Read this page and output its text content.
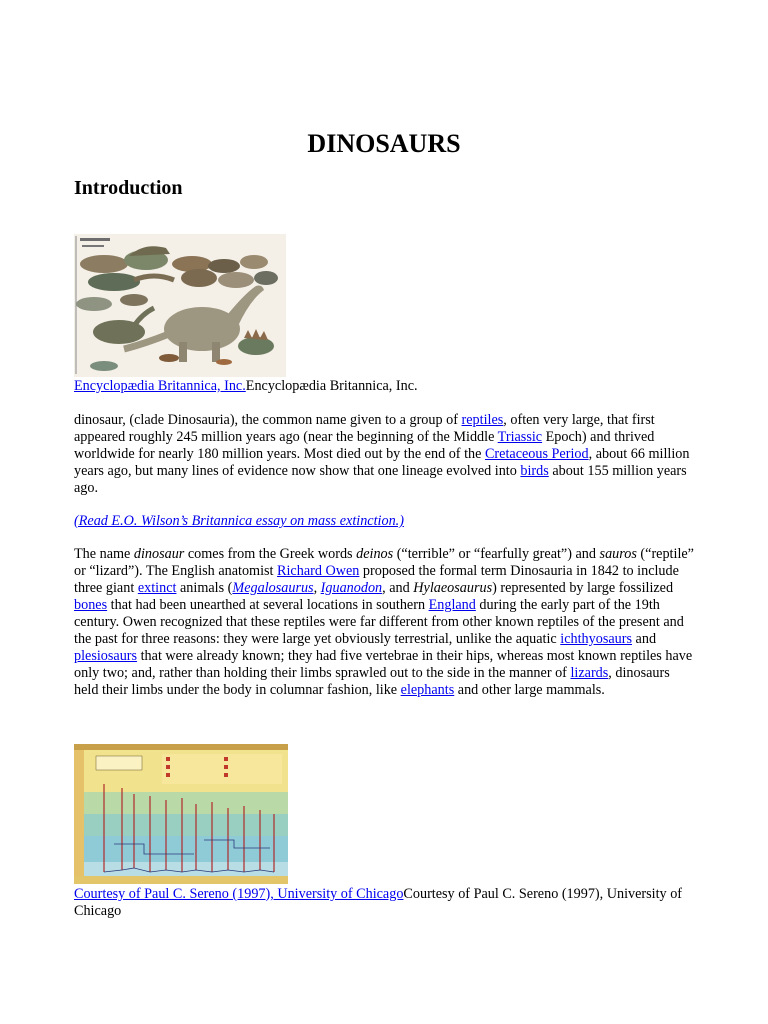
DINOSAURS
Introduction

Encyclopædia Britannica, Inc.Encyclopædia Britannica, Inc.

dinosaur, (clade Dinosauria), the common name given to a group of reptiles, often very large, that first appeared roughly 245 million years ago (near the beginning of the Middle Triassic Epoch) and thrived worldwide for nearly 180 million years. Most died out by the end of the Cretaceous Period, about 66 million years ago, but many lines of evidence now show that one lineage evolved into birds about 155 million years ago.

(Read E.O. Wilson’s Britannica essay on mass extinction.)

The name dinosaur comes from the Greek words deinos (“terrible” or “fearfully great”) and sauros (“reptile” or “lizard”). The English anatomist Richard Owen proposed the formal term Dinosauria in 1842 to include three giant extinct animals (Megalosaurus, Iguanodon, and Hylaeosaurus) represented by large fossilized bones that had been unearthed at several locations in southern England during the early part of the 19th century. Owen recognized that these reptiles were far different from other known reptiles of the present and the past for three reasons: they were large yet obviously terrestrial, unlike the aquatic ichthyosaurs and plesiosaurs that were already known; they had five vertebrae in their hips, whereas most known reptiles have only two; and, rather than holding their limbs sprawled out to the side in the manner of lizards, dinosaurs held their limbs under the body in columnar fashion, like elephants and other large mammals.

Courtesy of Paul C. Sereno (1997), University of ChicagoCourtesy of Paul C. Sereno (1997), University of Chicago
